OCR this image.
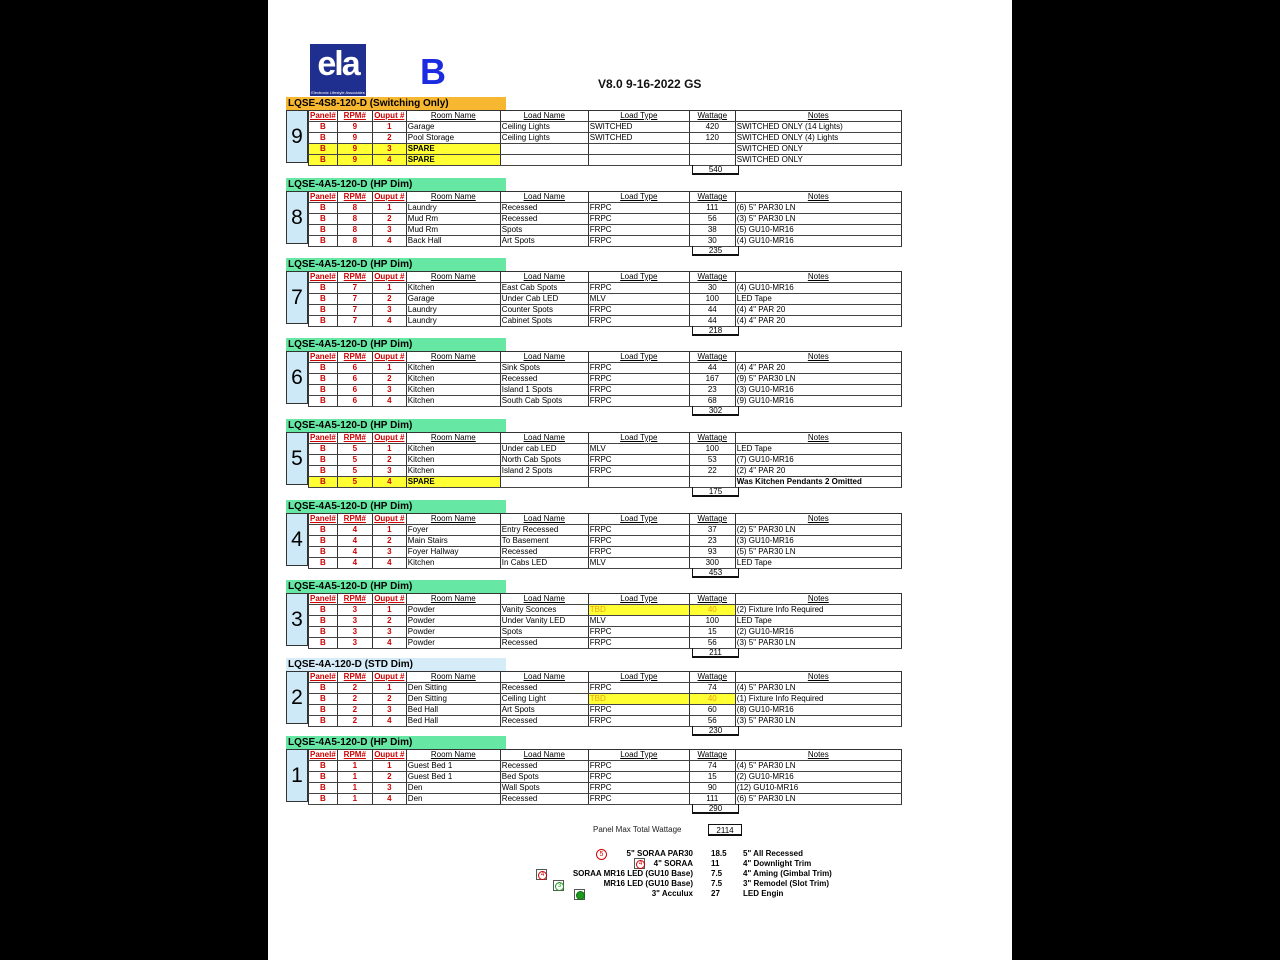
ela
Electronic Lifestyle Associates
B	V8.0 9-16-2022 GS
LQSE-4S8-120-D (Switching Only)
9
Panel#	RPM#	Ouput #	Room Name	Load Name	Load Type	Wattage	Notes
B	9	1	Garage	Ceiling Lights	SWITCHED	420	SWITCHED ONLY (14 Lights)
B	9	2	Pool Storage	Ceiling Lights	SWITCHED	120	SWITCHED ONLY (4) Lights
B	9	3	SPARE				SWITCHED ONLY
B	9	4	SPARE				SWITCHED ONLY
540
LQSE-4A5-120-D (HP Dim)
8
Panel#	RPM#	Ouput #	Room Name	Load Name	Load Type	Wattage	Notes
B	8	1	Laundry	Recessed	FRPC	111	(6) 5" PAR30 LN
B	8	2	Mud Rm	Recessed	FRPC	56	(3) 5" PAR30 LN
B	8	3	Mud Rm	Spots	FRPC	38	(5) GU10-MR16
B	8	4	Back Hall	Art Spots	FRPC	30	(4) GU10-MR16
235
LQSE-4A5-120-D (HP Dim)
7
Panel#	RPM#	Ouput #	Room Name	Load Name	Load Type	Wattage	Notes
B	7	1	Kitchen	East Cab Spots	FRPC	30	(4) GU10-MR16
B	7	2	Garage	Under Cab LED	MLV	100	LED Tape
B	7	3	Laundry	Counter Spots	FRPC	44	(4) 4" PAR 20
B	7	4	Laundry	Cabinet Spots	FRPC	44	(4) 4" PAR 20
218
LQSE-4A5-120-D (HP Dim)
6
Panel#	RPM#	Ouput #	Room Name	Load Name	Load Type	Wattage	Notes
B	6	1	Kitchen	Sink Spots	FRPC	44	(4) 4" PAR 20
B	6	2	Kitchen	Recessed	FRPC	167	(9) 5" PAR30 LN
B	6	3	Kitchen	Island 1 Spots	FRPC	23	(3) GU10-MR16
B	6	4	Kitchen	South Cab Spots	FRPC	68	(9) GU10-MR16
302
LQSE-4A5-120-D (HP Dim)
5
Panel#	RPM#	Ouput #	Room Name	Load Name	Load Type	Wattage	Notes
B	5	1	Kitchen	Under cab LED	MLV	100	LED Tape
B	5	2	Kitchen	North Cab Spots	FRPC	53	(7) GU10-MR16
B	5	3	Kitchen	Island 2 Spots	FRPC	22	(2) 4" PAR 20
B	5	4	SPARE				Was Kitchen Pendants 2 Omitted
175
LQSE-4A5-120-D (HP Dim)
4
Panel#	RPM#	Ouput #	Room Name	Load Name	Load Type	Wattage	Notes
B	4	1	Foyer	Entry Recessed	FRPC	37	(2) 5" PAR30 LN
B	4	2	Main Stairs	To Basement	FRPC	23	(3) GU10-MR16
B	4	3	Foyer Hallway	Recessed	FRPC	93	(5) 5" PAR30 LN
B	4	4	Kitchen	In Cabs LED	MLV	300	LED Tape
453
LQSE-4A5-120-D (HP Dim)
3
Panel#	RPM#	Ouput #	Room Name	Load Name	Load Type	Wattage	Notes
B	3	1	Powder	Vanity Sconces	TBD	40	(2) Fixture Info Required
B	3	2	Powder	Under Vanity LED	MLV	100	LED Tape
B	3	3	Powder	Spots	FRPC	15	(2) GU10-MR16
B	3	4	Powder	Recessed	FRPC	56	(3) 5" PAR30 LN
211
LQSE-4A-120-D (STD Dim)
2
Panel#	RPM#	Ouput #	Room Name	Load Name	Load Type	Wattage	Notes
B	2	1	Den Sitting	Recessed	FRPC	74	(4) 5" PAR30 LN
B	2	2	Den Sitting	Ceiling Light	TBD	40	(1) Fixture Info Required
B	2	3	Bed Hall	Art Spots	FRPC	60	(8) GU10-MR16
B	2	4	Bed Hall	Recessed	FRPC	56	(3) 5" PAR30 LN
230
LQSE-4A5-120-D (HP Dim)
1
Panel#	RPM#	Ouput #	Room Name	Load Name	Load Type	Wattage	Notes
B	1	1	Guest Bed 1	Recessed	FRPC	74	(4) 5" PAR30 LN
B	1	2	Guest Bed 1	Bed Spots	FRPC	15	(2) GU10-MR16
B	1	3	Den	Wall Spots	FRPC	90	(12) GU10-MR16
B	1	4	Den	Recessed	FRPC	111	(6) 5" PAR30 LN
290
Panel Max Total Wattage	2114
5" SORAA PAR30 18.5 5" All Recessed
5
4" SORAA 11	4" Downlight Trim
4
SORAA MR16 LED (GU10 Base) 7.5	4" Aming (Gimbal Trim)
4
MR16 LED (GU10 Base) 7.5	3" Remodel (Slot Trim)
3
3" Acculux 27	LED Engin
